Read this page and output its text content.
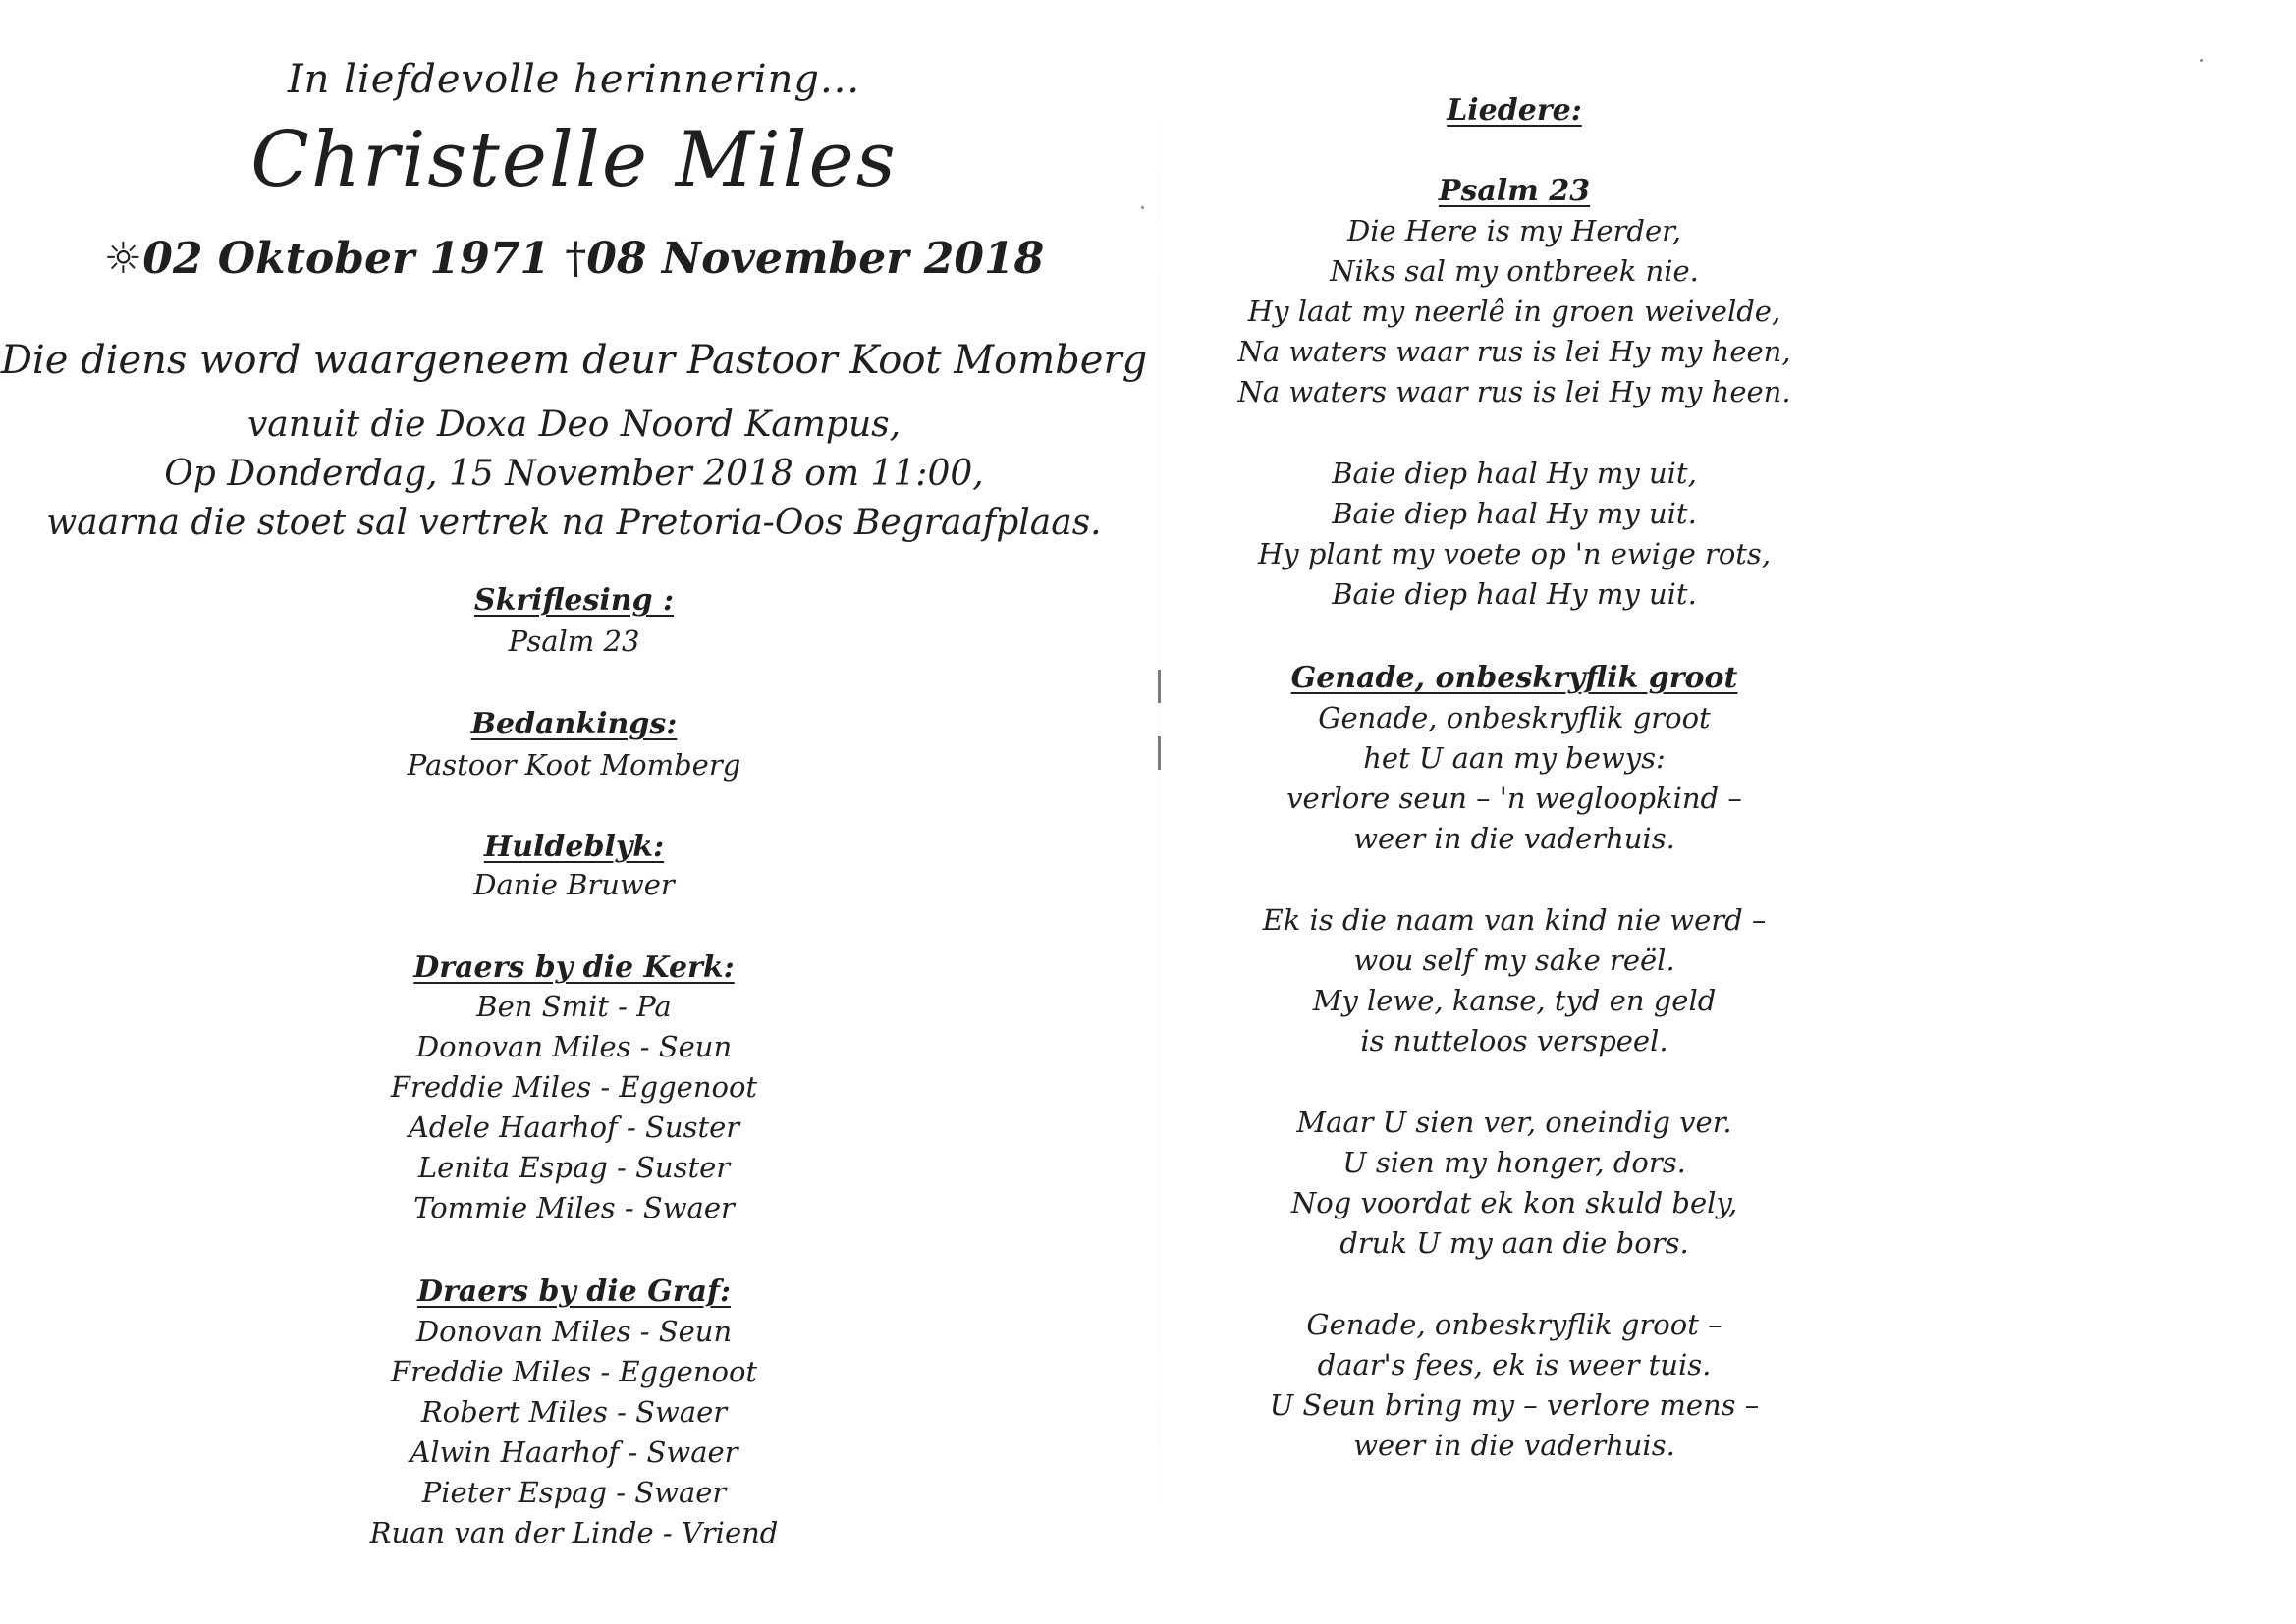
In liefdevolle herinnering...
Christelle Miles
☼02 Oktober 1971 †08 November 2018
Die diens word waargeneem deur Pastoor Koot Momberg
vanuit die Doxa Deo Noord Kampus,
Op Donderdag, 15 November 2018 om 11:00,
waarna die stoet sal vertrek na Pretoria-Oos Begraafplaas.
Skriflesing :
Psalm 23
Bedankings:
Pastoor Koot Momberg
Huldeblyk:
Danie Bruwer
Draers by die Kerk:
Ben Smit - Pa
Donovan Miles - Seun
Freddie Miles - Eggenoot
Adele Haarhof - Suster
Lenita Espag - Suster
Tommie Miles - Swaer
Draers by die Graf:
Donovan Miles - Seun
Freddie Miles - Eggenoot
Robert Miles - Swaer
Alwin Haarhof - Swaer
Pieter Espag - Swaer
Ruan van der Linde - Vriend
Liedere:
Psalm 23
Die Here is my Herder,
Niks sal my ontbreek nie.
Hy laat my neerlê in groen weivelde,
Na waters waar rus is lei Hy my heen,
Na waters waar rus is lei Hy my heen.
Baie diep haal Hy my uit,
Baie diep haal Hy my uit.
Hy plant my voete op 'n ewige rots,
Baie diep haal Hy my uit.
Genade, onbeskryflik groot
Genade, onbeskryflik groot
het U aan my bewys:
verlore seun – 'n wegloopkind –
weer in die vaderhuis.
Ek is die naam van kind nie werd –
wou self my sake reël.
My lewe, kanse, tyd en geld
is nutteloos verspeel.
Maar U sien ver, oneindig ver.
U sien my honger, dors.
Nog voordat ek kon skuld bely,
druk U my aan die bors.
Genade, onbeskryflik groot –
daar's fees, ek is weer tuis.
U Seun bring my – verlore mens –
weer in die vaderhuis.
